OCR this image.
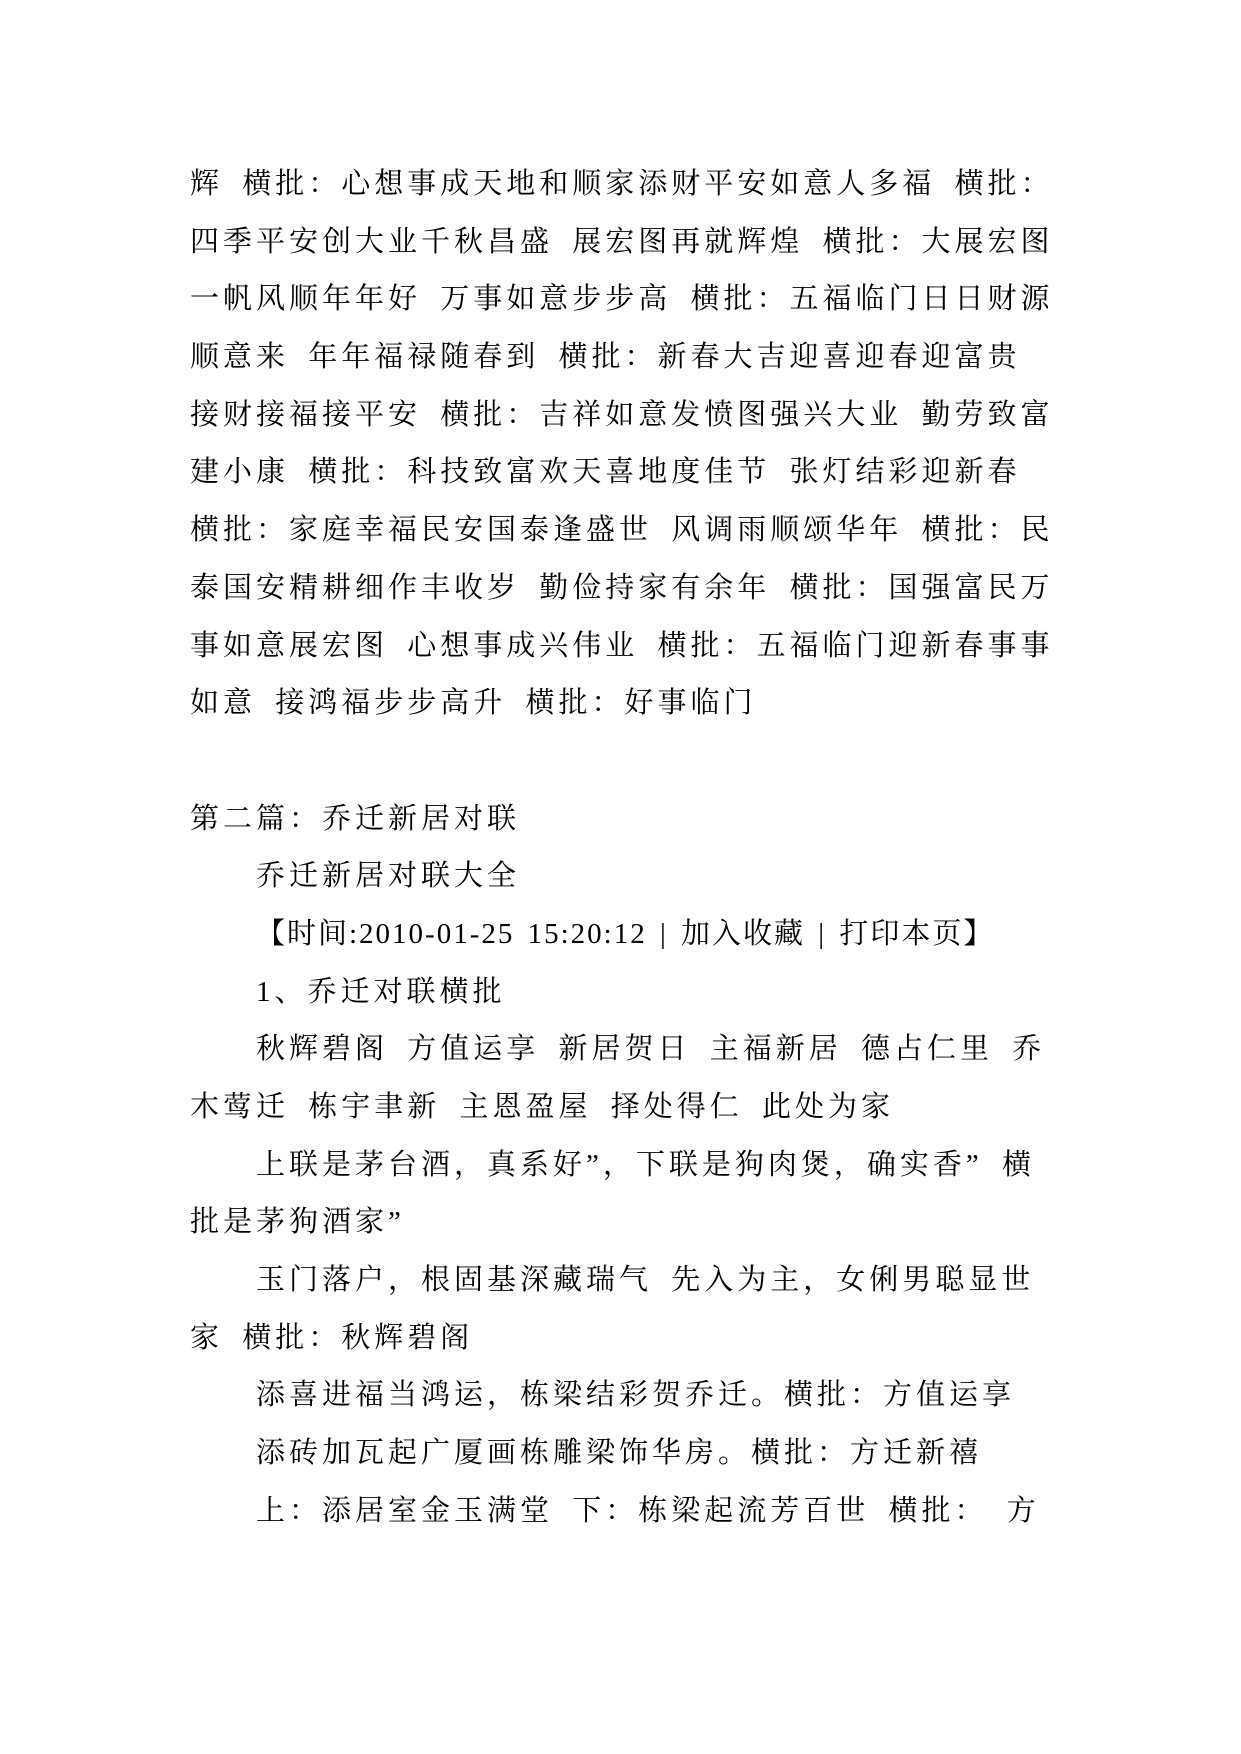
辉 横批：心想事成天地和顺家添财平安如意人多福 横批：
四季平安创大业千秋昌盛 展宏图再就辉煌 横批：大展宏图
一帆风顺年年好 万事如意步步高 横批：五福临门日日财源
顺意来 年年福禄随春到 横批：新春大吉迎喜迎春迎富贵
接财接福接平安 横批：吉祥如意发愤图强兴大业 勤劳致富
建小康 横批：科技致富欢天喜地度佳节 张灯结彩迎新春
横批：家庭幸福民安国泰逢盛世 风调雨顺颂华年 横批：民
泰国安精耕细作丰收岁 勤俭持家有余年 横批：国强富民万
事如意展宏图 心想事成兴伟业 横批：五福临门迎新春事事
如意 接鸿福步步高升 横批：好事临门
第二篇：乔迁新居对联
乔迁新居对联大全
【时间:2010-01-25 15:20:12 | 加入收藏 | 打印本页】
1、乔迁对联横批
秋辉碧阁 方值运享 新居贺日 主福新居 德占仁里 乔
木莺迁 栋宇聿新 主恩盈屋 择处得仁 此处为家
上联是茅台酒，真系好”，下联是狗肉煲，确实香” 横
批是茅狗酒家”
玉门落户，根固基深藏瑞气 先入为主，女俐男聪显世
家 横批：秋辉碧阁
添喜进福当鸿运，栋梁结彩贺乔迁。横批：方值运享
添砖加瓦起广厦画栋雕梁饰华房。横批：方迁新禧
上：添居室金玉满堂 下：栋梁起流芳百世 横批： 方
